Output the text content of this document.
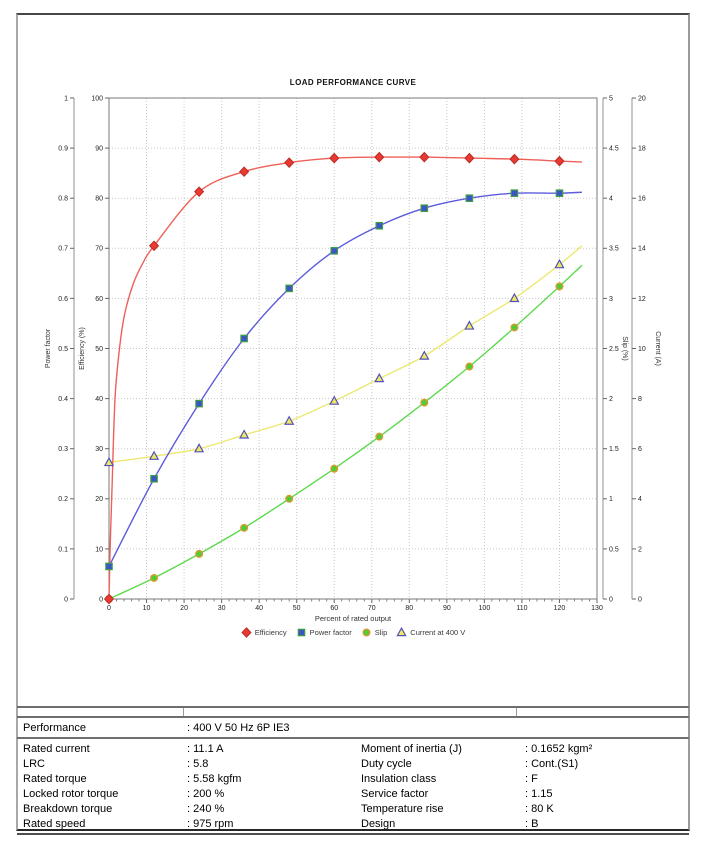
0	10	20	30	40	50	60	70	80	90	100	110	120	130
Percent of rated output
0
0.1
0.2
0.3
0.4
0.5
0.6
0.7
0.8
0.9
1
Power factor
0
10
20
30
40
50
60
70
80
90
100
Efficiency (%)
0
0.5
1
1.5
2
2.5
3
3.5
4
4.5
5
Slip (%)
0
2
4
6
8
10
12
14
16
18
20
Current (A)
LOAD PERFORMANCE CURVE
Efficiency	Power factor	Slip	Current at 400 V
Performance	: 400 V 50 Hz 6P IE3
Rated current	: 11.1 A
LRC	: 5.8
Rated torque	: 5.58 kgfm
Locked rotor torque	: 200 %
Breakdown torque	: 240 %
Rated speed	: 975 rpm
Moment of inertia (J)	: 0.1652 kgm²
Duty cycle	: Cont.(S1)
Insulation class	: F
Service factor	: 1.15
Temperature rise	: 80 K
Design	: B
